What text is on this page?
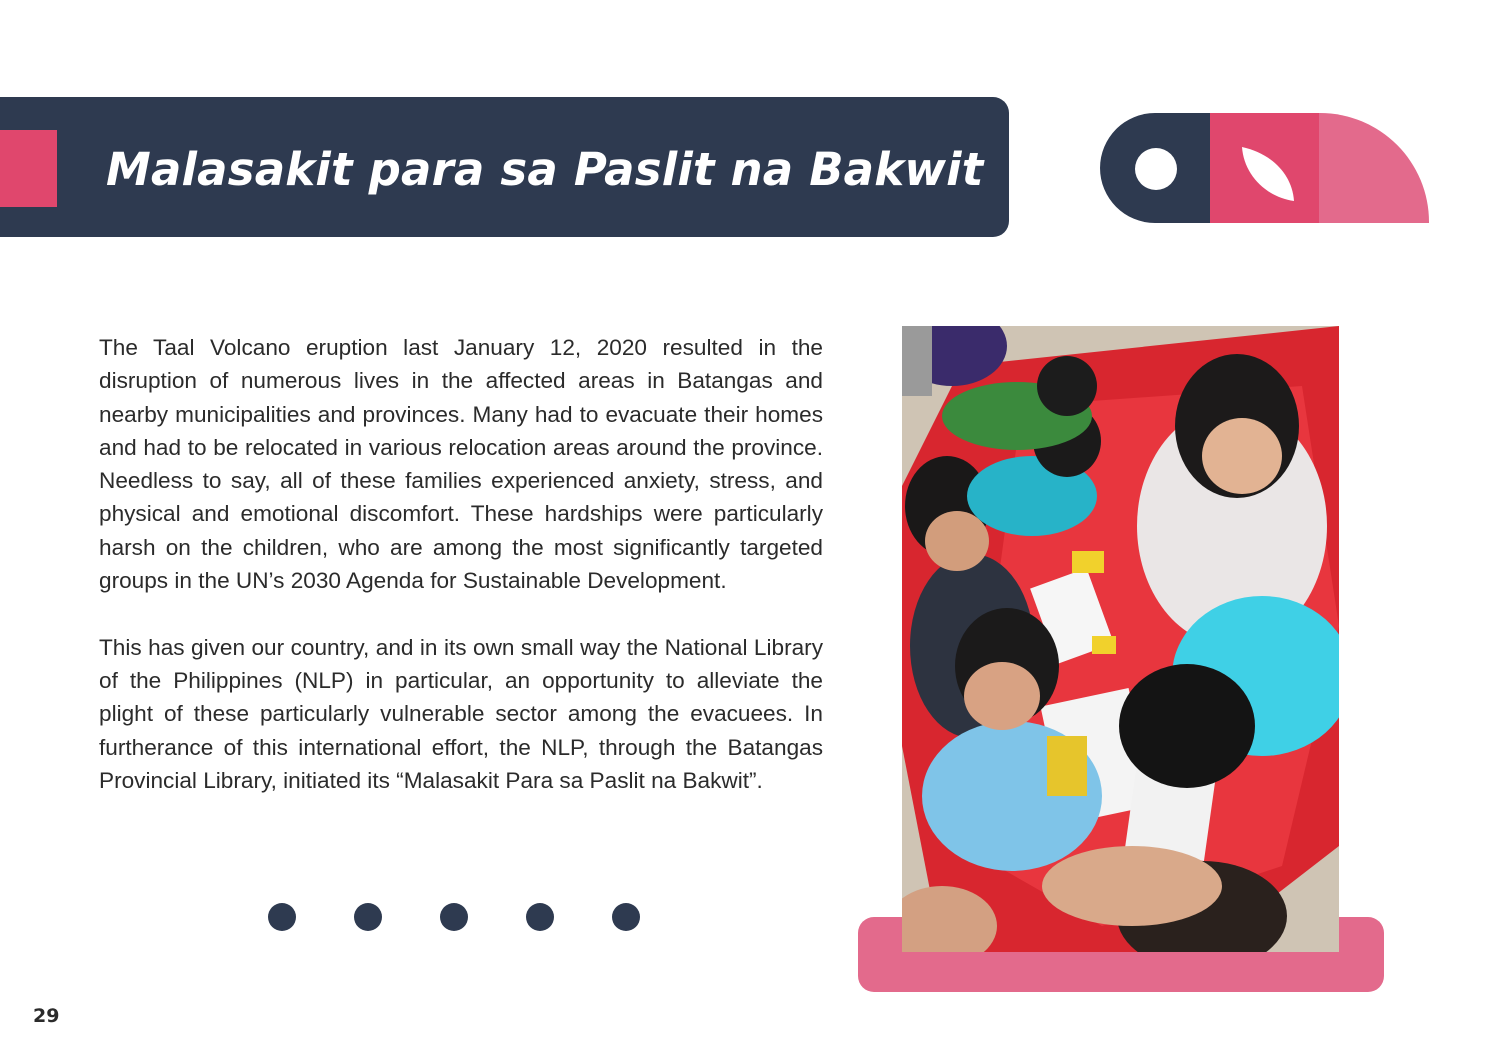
Malasakit para sa Paslit na Bakwit

The Taal Volcano eruption last January 12, 2020 resulted in the disruption of numerous lives in the affected areas in Batangas and nearby municipalities and provinces. Many had to evacuate their homes and had to be relocated in various relocation areas around the province. Needless to say, all of these families experienced anxiety, stress, and physical and emotional discomfort. These hardships were particularly harsh on the children, who are among the most significantly targeted groups in the UN’s 2030 Agenda for Sustainable Development.

This has given our country, and in its own small way the National Library of the Philippines (NLP) in particular, an opportunity to alleviate the plight of these particularly vulnerable sector among the evacuees. In furtherance of this international effort, the NLP, through the Batangas Provincial Library, initiated its “Malasakit Para sa Paslit na Bakwit”.

29
